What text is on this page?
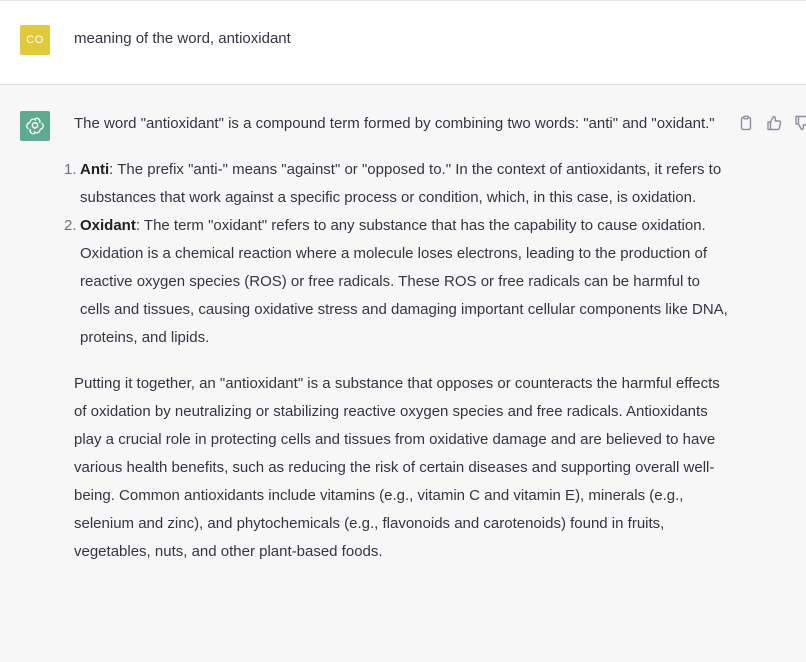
CO	meaning of the word, antioxidant

The word "antioxidant" is a compound term formed by combining two words: "anti" and "oxidant."

1. Anti: The prefix "anti-" means "against" or "opposed to." In the context of antioxidants, it refers to substances that work against a specific process or condition, which, in this case, is oxidation.
2. Oxidant: The term "oxidant" refers to any substance that has the capability to cause oxidation. Oxidation is a chemical reaction where a molecule loses electrons, leading to the production of reactive oxygen species (ROS) or free radicals. These ROS or free radicals can be harmful to cells and tissues, causing oxidative stress and damaging important cellular components like DNA, proteins, and lipids.

Putting it together, an "antioxidant" is a substance that opposes or counteracts the harmful effects of oxidation by neutralizing or stabilizing reactive oxygen species and free radicals. Antioxidants play a crucial role in protecting cells and tissues from oxidative damage and are believed to have various health benefits, such as reducing the risk of certain diseases and supporting overall well-being. Common antioxidants include vitamins (e.g., vitamin C and vitamin E), minerals (e.g., selenium and zinc), and phytochemicals (e.g., flavonoids and carotenoids) found in fruits, vegetables, nuts, and other plant-based foods.
